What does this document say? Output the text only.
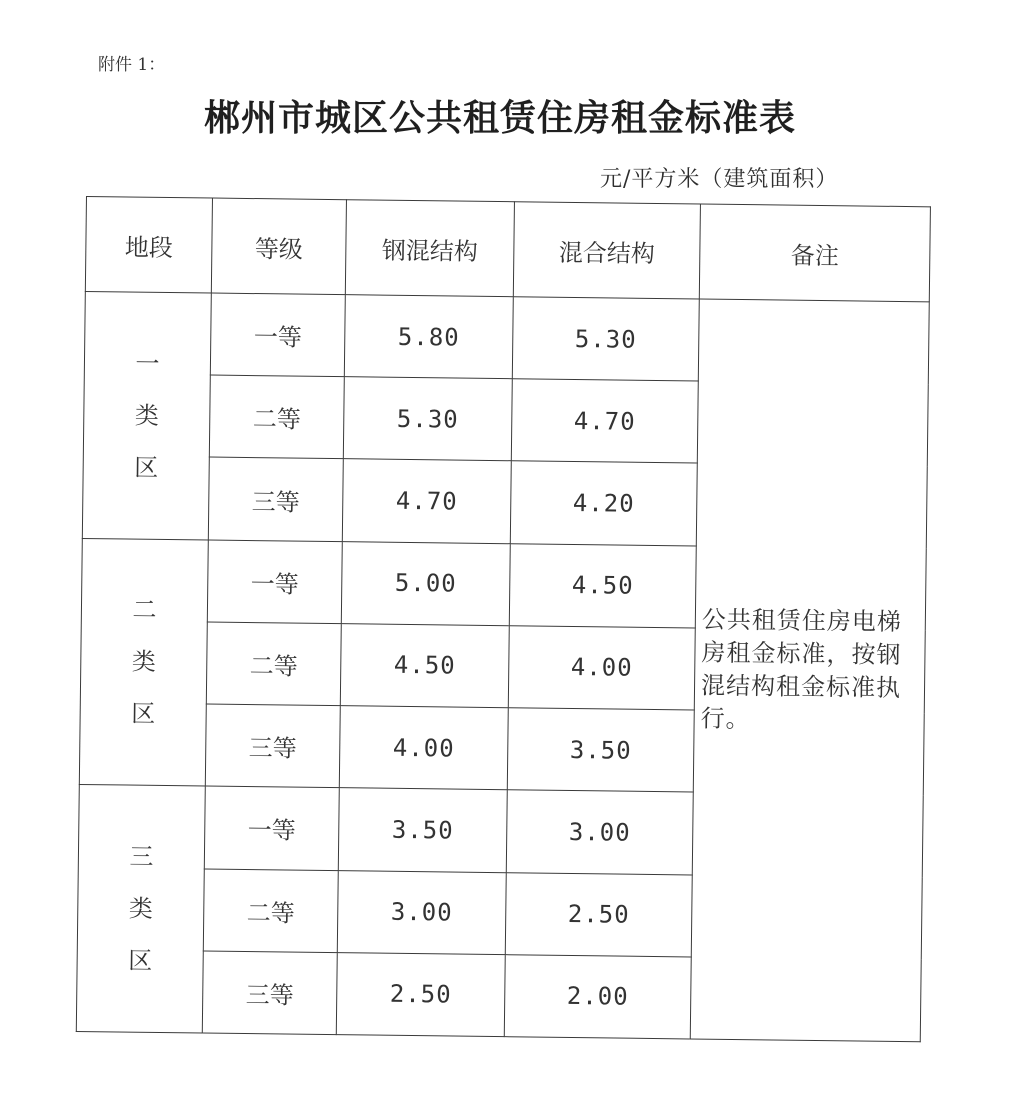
附件 1：
郴州市城区公共租赁住房租金标准表
元/平方米（建筑面积）
地段	等级	钢混结构	混合结构	备注

一
类
区	一等	5.80	5.30	公共租赁住房电梯房租金标准，按钢混结构租金标准执行。
	二等	5.30	4.70	
	三等	4.70	4.20	

二
类
区	一等	5.00	4.50	
	二等	4.50	4.00	
	三等	4.00	3.50	

三
类
区	一等	3.50	3.00	
	二等	3.00	2.50	
	三等	2.50	2.00	
